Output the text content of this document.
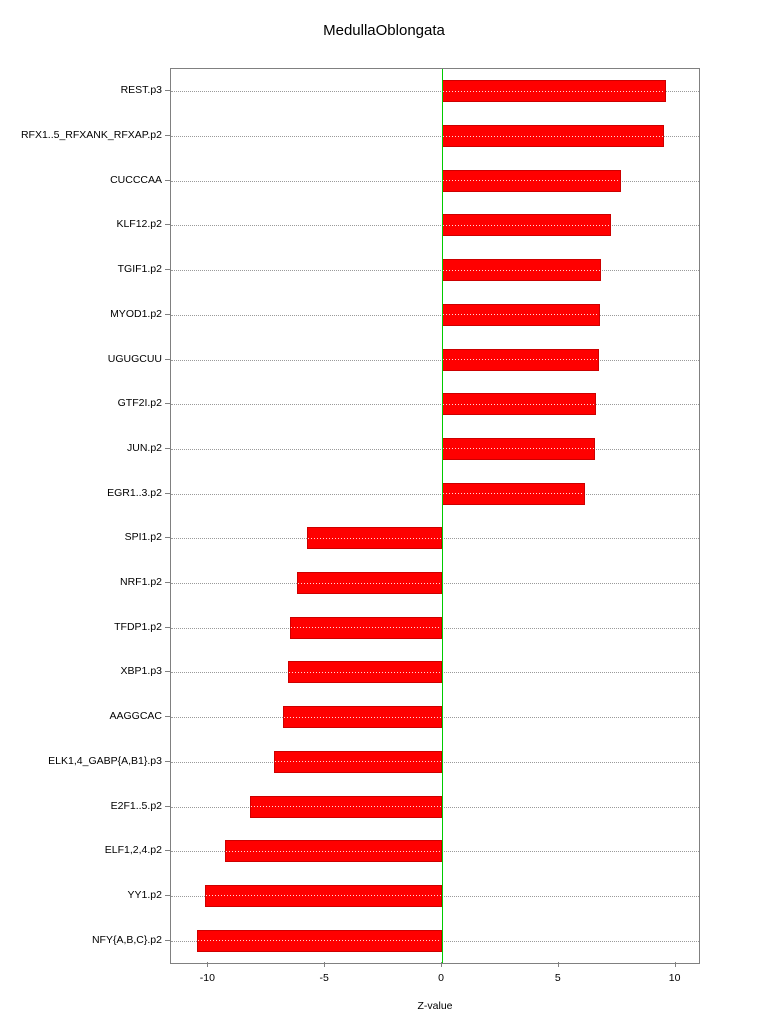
MedullaOblongata
Z-value
REST.p3
RFX1..5_RFXANK_RFXAP.p2
CUCCCAA
KLF12.p2
TGIF1.p2
MYOD1.p2
UGUGCUU
GTF2I.p2
JUN.p2
EGR1..3.p2
SPI1.p2
NRF1.p2
TFDP1.p2
XBP1.p3
AAGGCAC
ELK1,4_GABP{A,B1}.p3
E2F1..5.p2
ELF1,2,4.p2
YY1.p2
NFY{A,B,C}.p2
-10	-5	0	5	10
